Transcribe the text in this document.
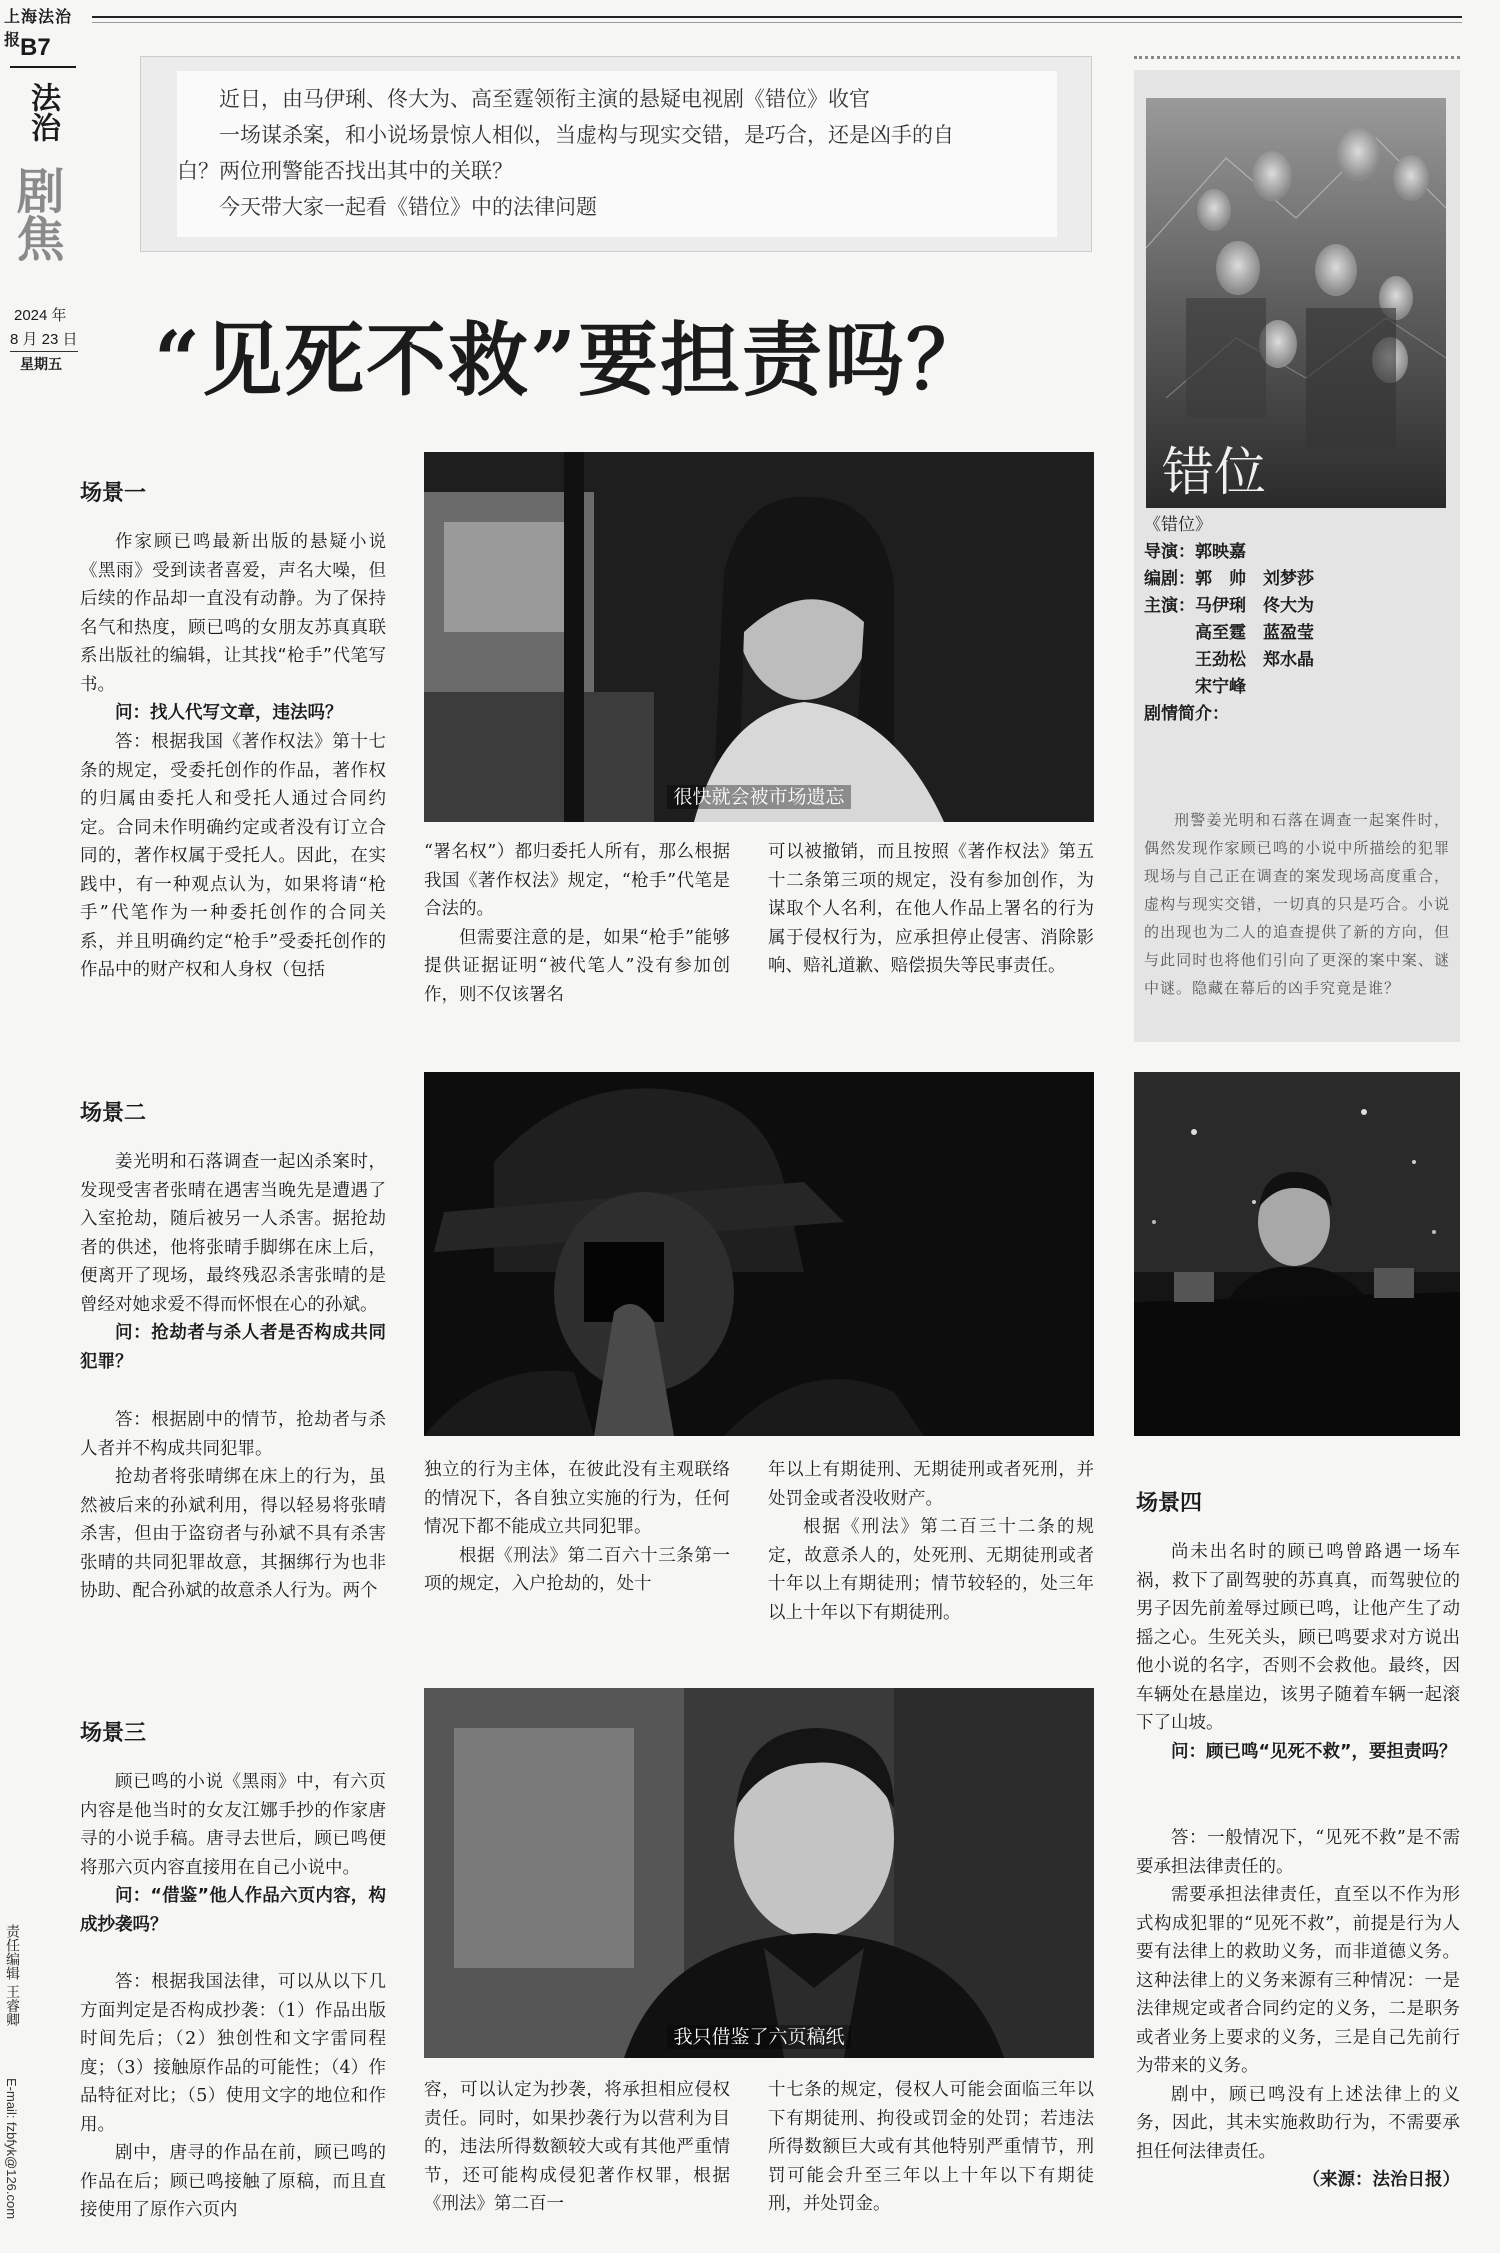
上海法治报
B7
法治
剧焦
2024 年
8 月 23 日
星期五
责任编辑 王睿卿
E-mail: fzbfyk@126.com
近日，由马伊琍、佟大为、高至霆领衔主演的悬疑电视剧《错位》收官
一场谋杀案，和小说场景惊人相似，当虚构与现实交错，是巧合，还是凶手的自
白？两位刑警能否找出其中的关联？
今天带大家一起看《错位》中的法律问题
“见死不救”要担责吗？
错位
《错位》
导演：郭映嘉
编剧：郭　帅　刘梦莎
主演：马伊琍　佟大为
高至霆　蓝盈莹
王劲松　郑水晶
宋宁峰
剧情简介：
刑警姜光明和石落在调查一起案件时，偶然发现作家顾已鸣的小说中所描绘的犯罪现场与自己正在调查的案发现场高度重合，虚构与现实交错，一切真的只是巧合。小说的出现也为二人的追查提供了新的方向，但与此同时也将他们引向了更深的案中案、谜中谜。隐藏在幕后的凶手究竟是谁？
场景一

作家顾已鸣最新出版的悬疑小说《黑雨》受到读者喜爱，声名大噪，但后续的作品却一直没有动静。为了保持名气和热度，顾已鸣的女朋友苏真真联系出版社的编辑，让其找“枪手”代笔写书。

问：找人代写文章，违法吗？

答：根据我国《著作权法》第十七条的规定，受委托创作的作品，著作权的归属由委托人和受托人通过合同约定。合同未作明确约定或者没有订立合同的，著作权属于受托人。因此，在实践中，有一种观点认为，如果将请“枪手”代笔作为一种委托创作的合同关系，并且明确约定“枪手”受委托创作的作品中的财产权和人身权（包括

很快就会被市场遗忘

“署名权”）都归委托人所有，那么根据我国《著作权法》规定，“枪手”代笔是合法的。

但需要注意的是，如果“枪手”能够提供证据证明“被代笔人”没有参加创作，则不仅该署名

可以被撤销，而且按照《著作权法》第五十二条第三项的规定，没有参加创作，为谋取个人名利，在他人作品上署名的行为属于侵权行为，应承担停止侵害、消除影响、赔礼道歉、赔偿损失等民事责任。

场景二

姜光明和石落调查一起凶杀案时，发现受害者张晴在遇害当晚先是遭遇了入室抢劫，随后被另一人杀害。据抢劫者的供述，他将张晴手脚绑在床上后，便离开了现场，最终残忍杀害张晴的是曾经对她求爱不得而怀恨在心的孙斌。

问：抢劫者与杀人者是否构成共同犯罪？

答：根据剧中的情节，抢劫者与杀人者并不构成共同犯罪。

抢劫者将张晴绑在床上的行为，虽然被后来的孙斌利用，得以轻易将张晴杀害，但由于盗窃者与孙斌不具有杀害张晴的共同犯罪故意，其捆绑行为也非协助、配合孙斌的故意杀人行为。两个

独立的行为主体，在彼此没有主观联络的情况下，各自独立实施的行为，任何情况下都不能成立共同犯罪。

根据《刑法》第二百六十三条第一项的规定，入户抢劫的，处十

年以上有期徒刑、无期徒刑或者死刑，并处罚金或者没收财产。

根据《刑法》第二百三十二条的规定，故意杀人的，处死刑、无期徒刑或者十年以上有期徒刑；情节较轻的，处三年以上十年以下有期徒刑。

场景三

顾已鸣的小说《黑雨》中，有六页内容是他当时的女友江娜手抄的作家唐寻的小说手稿。唐寻去世后，顾已鸣便将那六页内容直接用在自己小说中。

问：“借鉴”他人作品六页内容，构成抄袭吗？

答：根据我国法律，可以从以下几方面判定是否构成抄袭：（1）作品出版时间先后；（2）独创性和文字雷同程度；（3）接触原作品的可能性；（4）作品特征对比；（5）使用文字的地位和作用。

剧中，唐寻的作品在前，顾已鸣的作品在后；顾已鸣接触了原稿，而且直接使用了原作六页内

我只借鉴了六页稿纸

容，可以认定为抄袭，将承担相应侵权责任。同时，如果抄袭行为以营利为目的，违法所得数额较大或有其他严重情节，还可能构成侵犯著作权罪，根据《刑法》第二百一

十七条的规定，侵权人可能会面临三年以下有期徒刑、拘役或罚金的处罚；若违法所得数额巨大或有其他特别严重情节，刑罚可能会升至三年以上十年以下有期徒刑，并处罚金。

场景四

尚未出名时的顾已鸣曾路遇一场车祸，救下了副驾驶的苏真真，而驾驶位的男子因先前羞辱过顾已鸣，让他产生了动摇之心。生死关头，顾已鸣要求对方说出他小说的名字，否则不会救他。最终，因车辆处在悬崖边，该男子随着车辆一起滚下了山坡。

问：顾已鸣“见死不救”，要担责吗？

答：一般情况下，“见死不救”是不需要承担法律责任的。

需要承担法律责任，直至以不作为形式构成犯罪的“见死不救”，前提是行为人要有法律上的救助义务，而非道德义务。这种法律上的义务来源有三种情况：一是法律规定或者合同约定的义务，二是职务或者业务上要求的义务，三是自己先前行为带来的义务。

剧中，顾已鸣没有上述法律上的义务，因此，其未实施救助行为，不需要承担任何法律责任。

（来源：法治日报）
